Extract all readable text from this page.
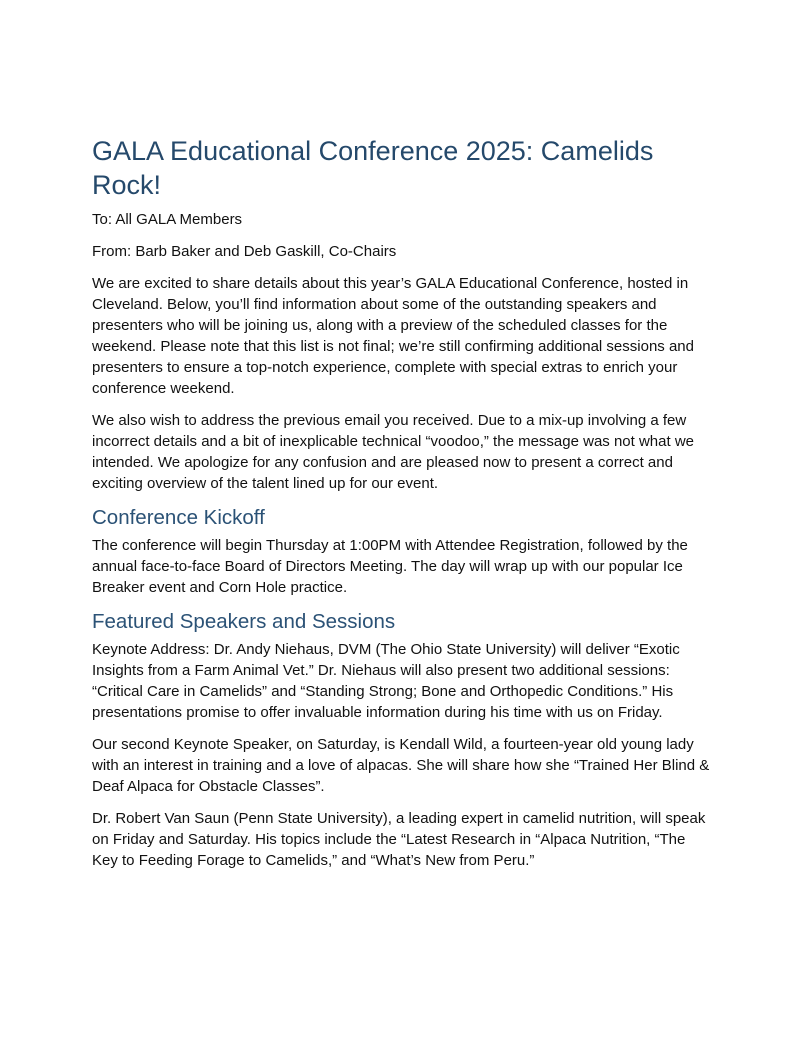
GALA Educational Conference 2025: Camelids Rock!

To: All GALA Members

From: Barb Baker and Deb Gaskill, Co-Chairs

We are excited to share details about this year’s GALA Educational Conference, hosted in Cleveland. Below, you’ll find information about some of the outstanding speakers and presenters who will be joining us, along with a preview of the scheduled classes for the weekend. Please note that this list is not final; we’re still confirming additional sessions and presenters to ensure a top-notch experience, complete with special extras to enrich your conference weekend.

We also wish to address the previous email you received. Due to a mix-up involving a few incorrect details and a bit of inexplicable technical “voodoo,” the message was not what we intended. We apologize for any confusion and are pleased now to present a correct and exciting overview of the talent lined up for our event.

Conference Kickoff

The conference will begin Thursday at 1:00PM with Attendee Registration, followed by the annual face-to-face Board of Directors Meeting. The day will wrap up with our popular Ice Breaker event and Corn Hole practice.

Featured Speakers and Sessions

Keynote Address: Dr. Andy Niehaus, DVM (The Ohio State University) will deliver “Exotic Insights from a Farm Animal Vet.” Dr. Niehaus will also present two additional sessions: “Critical Care in Camelids” and “Standing Strong; Bone and Orthopedic Conditions.” His presentations promise to offer invaluable information during his time with us on Friday.

Our second Keynote Speaker, on Saturday, is Kendall Wild, a fourteen-year old young lady with an interest in training and a love of alpacas. She will share how she “Trained Her Blind & Deaf Alpaca for Obstacle Classes”.

Dr. Robert Van Saun (Penn State University), a leading expert in camelid nutrition, will speak on Friday and Saturday. His topics include the “Latest Research in “Alpaca Nutrition, “The Key to Feeding Forage to Camelids,” and “What’s New from Peru.”
